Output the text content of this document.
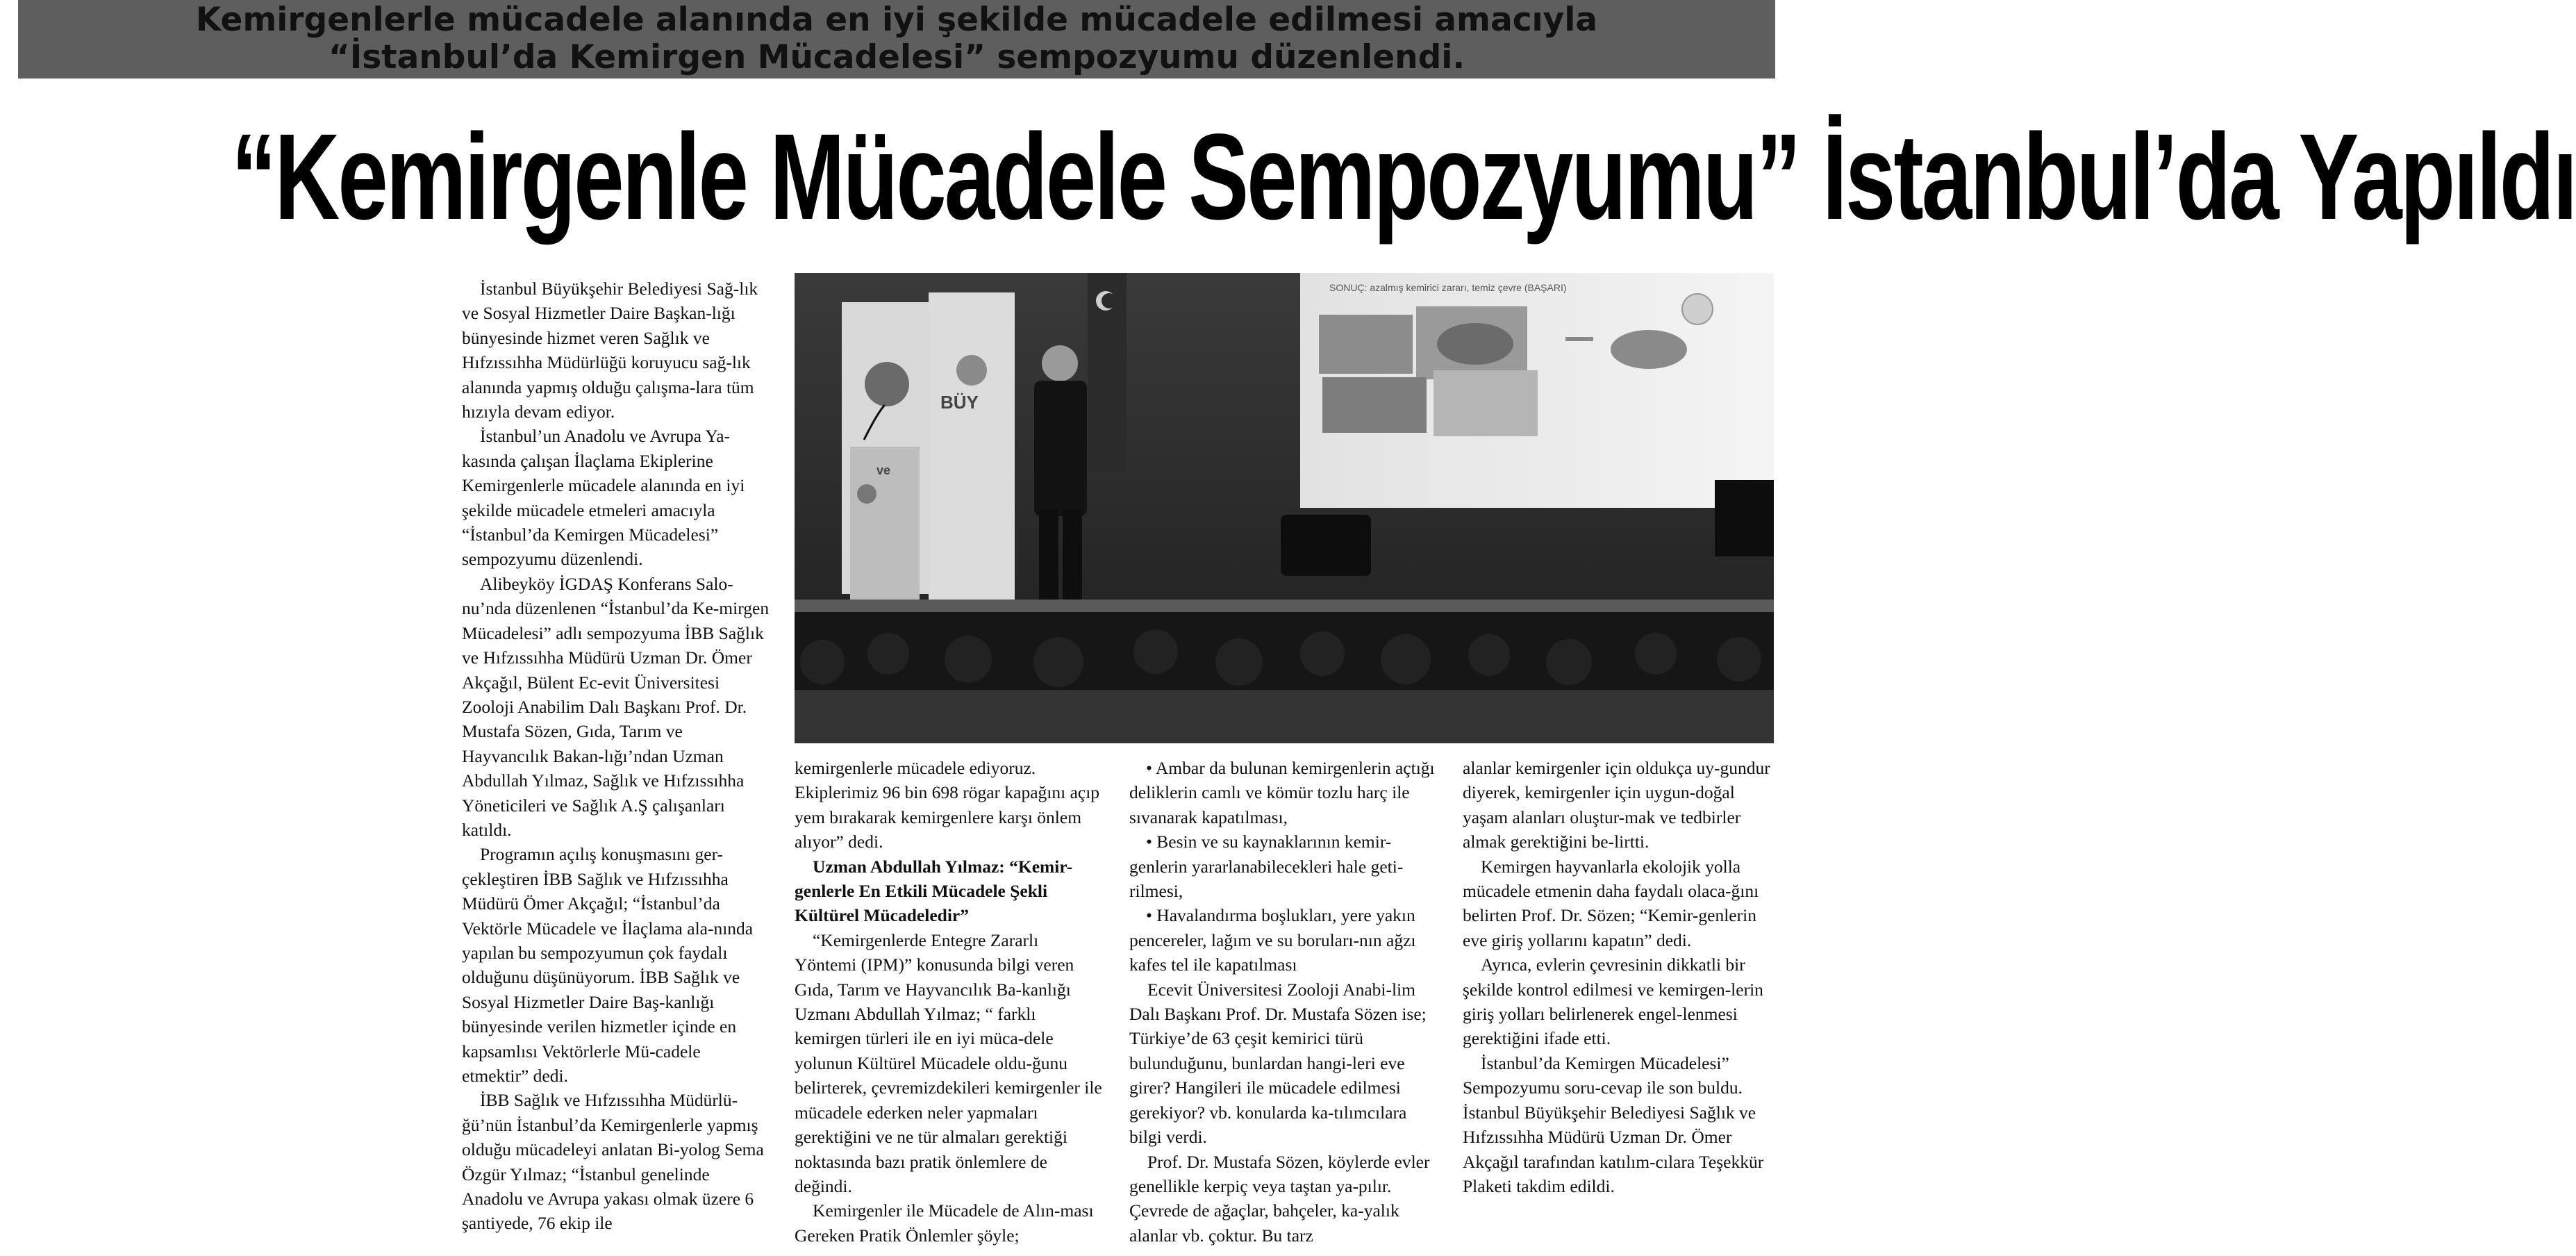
Kemirgenlerle mücadele alanında en iyi şekilde mücadele edilmesi amacıyla
“İstanbul’da Kemirgen Mücadelesi” sempozyumu düzenlendi.
“Kemirgenle Mücadele Sempozyumu” İstanbul’da Yapıldı
SONUÇ: azalmış kemirici zararı, temiz çevre (BAŞARI)
BÜY
ve

İstanbul Büyükşehir Belediyesi Sağ-lık ve Sosyal Hizmetler Daire Başkan-lığı bünyesinde hizmet veren Sağlık ve Hıfzıssıhha Müdürlüğü koruyucu sağ-lık alanında yapmış olduğu çalışma-lara tüm hızıyla devam ediyor.

İstanbul’un Anadolu ve Avrupa Ya-kasında çalışan İlaçlama Ekiplerine Kemirgenlerle mücadele alanında en iyi şekilde mücadele etmeleri amacıyla “İstanbul’da Kemirgen Mücadelesi” sempozyumu düzenlendi.

Alibeyköy İGDAŞ Konferans Salo-nu’nda düzenlenen “İstanbul’da Ke-mirgen Mücadelesi” adlı sempozyuma İBB Sağlık ve Hıfzıssıhha Müdürü Uzman Dr. Ömer Akçağıl, Bülent Ec-evit Üniversitesi Zooloji Anabilim Dalı Başkanı Prof. Dr. Mustafa Sözen, Gıda, Tarım ve Hayvancılık Bakan-lığı’ndan Uzman Abdullah Yılmaz, Sağlık ve Hıfzıssıhha Yöneticileri ve Sağlık A.Ş çalışanları katıldı.

Programın açılış konuşmasını ger-çekleştiren İBB Sağlık ve Hıfzıssıhha Müdürü Ömer Akçağıl; “İstanbul’da Vektörle Mücadele ve İlaçlama ala-nında yapılan bu sempozyumun çok faydalı olduğunu düşünüyorum. İBB Sağlık ve Sosyal Hizmetler Daire Baş-kanlığı bünyesinde verilen hizmetler içinde en kapsamlısı Vektörlerle Mü-cadele etmektir” dedi.

İBB Sağlık ve Hıfzıssıhha Müdürlü-ğü’nün İstanbul’da Kemirgenlerle yapmış olduğu mücadeleyi anlatan Bi-yolog Sema Özgür Yılmaz; “İstanbul genelinde Anadolu ve Avrupa yakası olmak üzere 6 şantiyede, 76 ekip ile

kemirgenlerle mücadele ediyoruz. Ekiplerimiz 96 bin 698 rögar kapağını açıp yem bırakarak kemirgenlere karşı önlem alıyor” dedi.

Uzman Abdullah Yılmaz: “Kemir-genlerle En Etkili Mücadele Şekli Kültürel Mücadeledir”

“Kemirgenlerde Entegre Zararlı Yöntemi (IPM)” konusunda bilgi veren Gıda, Tarım ve Hayvancılık Ba-kanlığı Uzmanı Abdullah Yılmaz; “ farklı kemirgen türleri ile en iyi müca-dele yolunun Kültürel Mücadele oldu-ğunu belirterek, çevremizdekileri kemirgenler ile mücadele ederken neler yapmaları gerektiğini ve ne tür almaları gerektiği noktasında bazı pratik önlemlere de değindi.

Kemirgenler ile Mücadele de Alın-ması Gereken Pratik Önlemler şöyle;

• Ambar da bulunan kemirgenlerin açtığı deliklerin camlı ve kömür tozlu harç ile sıvanarak kapatılması,

• Besin ve su kaynaklarının kemir-genlerin yararlanabilecekleri hale geti-rilmesi,

• Havalandırma boşlukları, yere yakın pencereler, lağım ve su boruları-nın ağzı kafes tel ile kapatılması

Ecevit Üniversitesi Zooloji Anabi-lim Dalı Başkanı Prof. Dr. Mustafa Sözen ise; Türkiye’de 63 çeşit kemirici türü bulunduğunu, bunlardan hangi-leri eve girer? Hangileri ile mücadele edilmesi gerekiyor? vb. konularda ka-tılımcılara bilgi verdi.

Prof. Dr. Mustafa Sözen, köylerde evler genellikle kerpiç veya taştan ya-pılır. Çevrede de ağaçlar, bahçeler, ka-yalık alanlar vb. çoktur. Bu tarz

alanlar kemirgenler için oldukça uy-gundur diyerek, kemirgenler için uygun-doğal yaşam alanları oluştur-mak ve tedbirler almak gerektiğini be-lirtti.

Kemirgen hayvanlarla ekolojik yolla mücadele etmenin daha faydalı olaca-ğını belirten Prof. Dr. Sözen; “Kemir-genlerin eve giriş yollarını kapatın” dedi.

Ayrıca, evlerin çevresinin dikkatli bir şekilde kontrol edilmesi ve kemirgen-lerin giriş yolları belirlenerek engel-lenmesi gerektiğini ifade etti.

İstanbul’da Kemirgen Mücadelesi” Sempozyumu soru-cevap ile son buldu. İstanbul Büyükşehir Belediyesi Sağlık ve Hıfzıssıhha Müdürü Uzman Dr. Ömer Akçağıl tarafından katılım-cılara Teşekkür Plaketi takdim edildi.
